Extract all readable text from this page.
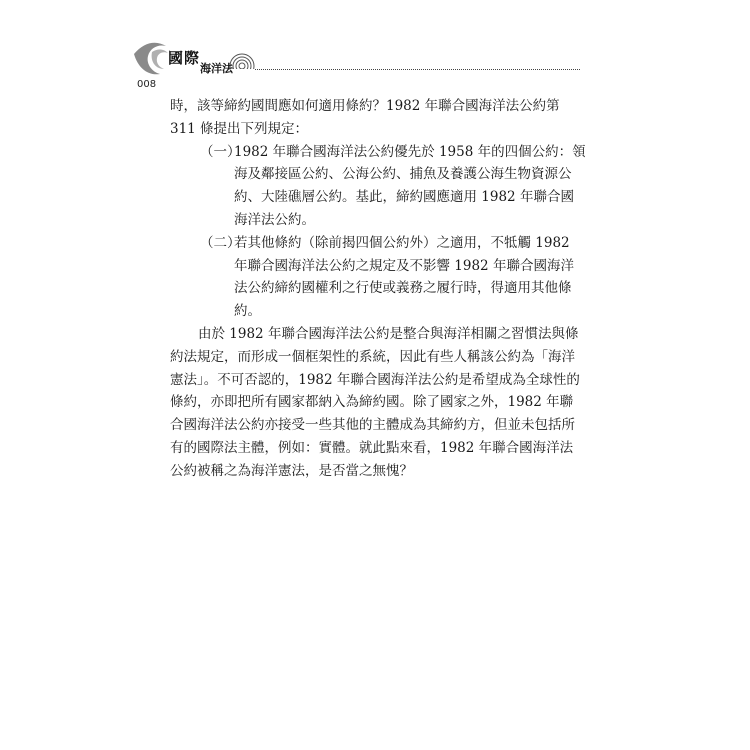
國際
海洋法
008

時，該等締約國間應如何適用條約？1982 年聯合國海洋法公約第 311 條提出下列規定：

（一）
1982 年聯合國海洋法公約優先於 1958 年的四個公約：領海及鄰接區公約、公海公約、捕魚及養護公海生物資源公約、大陸礁層公約。基此，締約國應適用 1982 年聯合國海洋法公約。
（二）
若其他條約（除前揭四個公約外）之適用，不牴觸 1982 年聯合國海洋法公約之規定及不影響 1982 年聯合國海洋法公約締約國權利之行使或義務之履行時，得適用其他條約。

由於 1982 年聯合國海洋法公約是整合與海洋相關之習慣法與條約法規定，而形成一個框架性的系統，因此有些人稱該公約為「海洋憲法」。不可否認的，1982 年聯合國海洋法公約是希望成為全球性的條約，亦即把所有國家都納入為締約國。除了國家之外，1982 年聯合國海洋法公約亦接受一些其他的主體成為其締約方，但並未包括所有的國際法主體，例如：實體。就此點來看，1982 年聯合國海洋法公約被稱之為海洋憲法，是否當之無愧？
